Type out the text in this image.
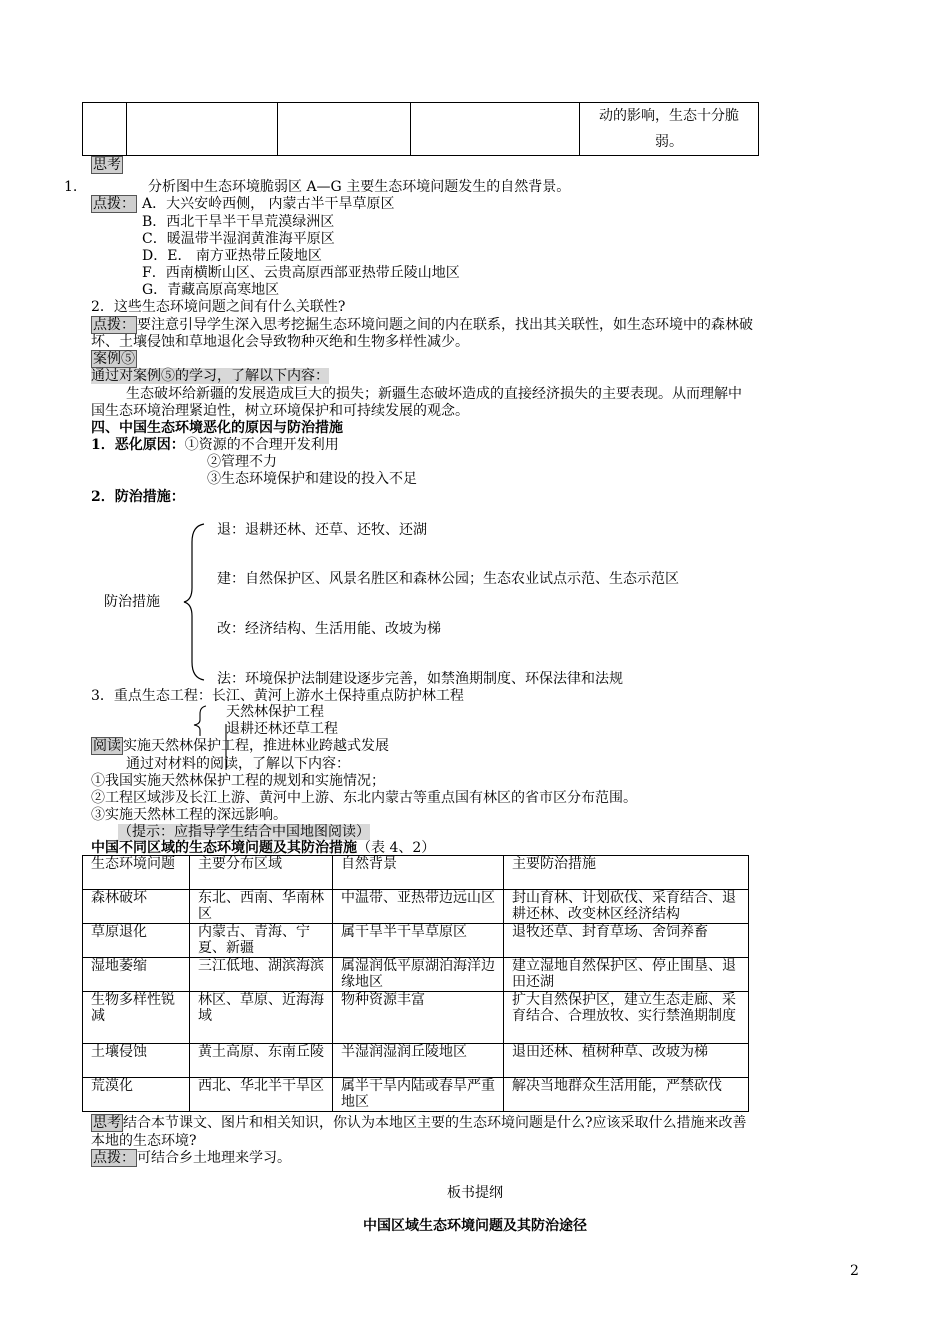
动的影响，生态十分脆
弱。
思考
1.	分析图中生态环境脆弱区 A—G 主要生态环境问题发生的自然背景。
点拨： A．大兴安岭西侧， 内蒙古半干旱草原区
B．西北干旱半干旱荒漠绿洲区
C．暖温带半湿润黄淮海平原区
D．E． 南方亚热带丘陵地区
F．西南横断山区、云贵高原西部亚热带丘陵山地区
G．青藏高原高寒地区
2．这些生态环境问题之间有什么关联性?
点拨： 要注意引导学生深入思考挖掘生态环境问题之间的内在联系，找出其关联性，如生态环境中的森林破
坏、土壤侵蚀和草地退化会导致物种灭绝和生物多样性减少。
案例⑤
通过对案例⑤的学习，了解以下内容：
生态破坏给新疆的发展造成巨大的损失；新疆生态破坏造成的直接经济损失的主要表现。从而理解中
国生态环境治理紧迫性，树立环境保护和可持续发展的观念。
四、中国生态环境恶化的原因与防治措施
1．恶化原因：①资源的不合理开发利用
②管理不力
③生态环境保护和建设的投入不足
2．防治措施：
防治措施
退：退耕还林、还草、还牧、还湖
建：自然保护区、风景名胜区和森林公园；生态农业试点示范、生态示范区
改：经济结构、生活用能、改坡为梯
法：环境保护法制建设逐步完善，如禁渔期制度、环保法律和法规
3．重点生态工程：长江、黄河上游水土保持重点防护林工程
天然林保护工程
退耕还林还草工程
阅读 实施天然林保护工程，推进林业跨越式发展
通过对材料的阅读，了解以下内容：
①我国实施天然林保护工程的规划和实施情况；
②工程区域涉及长江上游、黄河中上游、东北内蒙古等重点国有林区的省市区分布范围。
③实施天然林工程的深远影响。
（提示：应指导学生结合中国地图阅读）
中国不同区域的生态环境问题及其防治措施（表 4、2）
生态环境问题	主要分布区域	自然背景	主要防治措施
森林破坏	东北、西南、华南林区	中温带、亚热带边远山区	封山育林、计划砍伐、采育结合、退耕还林、改变林区经济结构
草原退化	内蒙古、青海、宁夏、新疆	属干旱半干旱草原区	退牧还草、封育草场、舍饲养畜
湿地萎缩	三江低地、湖滨海滨	属湿润低平原湖泊海洋边缘地区	建立湿地自然保护区、停止围垦、退田还湖
生物多样性锐减	林区、草原、近海海域	物种资源丰富	扩大自然保护区，建立生态走廊、采育结合、合理放牧、实行禁渔期制度
土壤侵蚀	黄土高原、东南丘陵	半湿润湿润丘陵地区	退田还林、植树种草、改坡为梯
荒漠化	西北、华北半干旱区	属半干旱内陆或春旱严重地区	解决当地群众生活用能，严禁砍伐
思考 结合本节课文、图片和相关知识，你认为本地区主要的生态环境问题是什么?应该采取什么措施来改善
本地的生态环境?
点拨： 可结合乡土地理来学习。
板书提纲
中国区域生态环境问题及其防治途径
2
